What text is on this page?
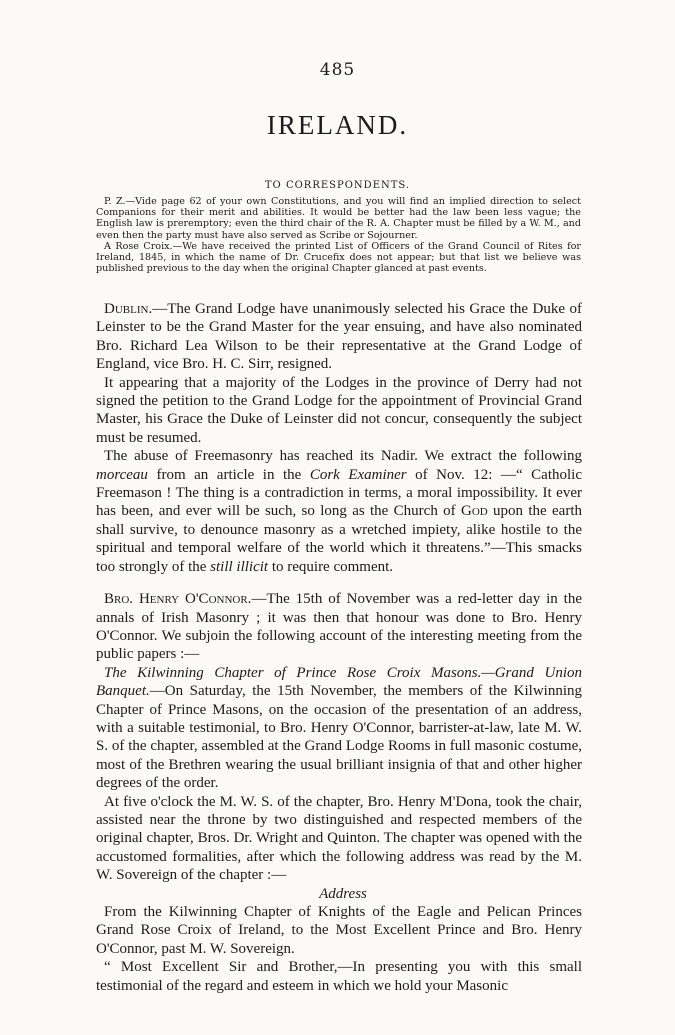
485
IRELAND.
TO CORRESPONDENTS.

P. Z.—Vide page 62 of your own Constitutions, and you will find an implied direction to select Companions for their merit and abilities. It would be better had the law been less vague; the English law is preremptory; even the third chair of the R. A. Chapter must be filled by a W. M., and even then the party must have also served as Scribe or Sojourner.

A Rose Croix.—We have received the printed List of Officers of the Grand Council of Rites for Ireland, 1845, in which the name of Dr. Crucefix does not appear; but that list we believe was published previous to the day when the original Chapter glanced at past events.

Dublin.—The Grand Lodge have unanimously selected his Grace the Duke of Leinster to be the Grand Master for the year ensuing, and have also nominated Bro. Richard Lea Wilson to be their representative at the Grand Lodge of England, vice Bro. H. C. Sirr, resigned.

It appearing that a majority of the Lodges in the province of Derry had not signed the petition to the Grand Lodge for the appointment of Provincial Grand Master, his Grace the Duke of Leinster did not concur, consequently the subject must be resumed.

The abuse of Freemasonry has reached its Nadir. We extract the following morceau from an article in the Cork Examiner of Nov. 12: —“ Catholic Freemason ! The thing is a contradiction in terms, a moral impossibility. It ever has been, and ever will be such, so long as the Church of God upon the earth shall survive, to denounce masonry as a wretched impiety, alike hostile to the spiritual and temporal welfare of the world which it threatens.”—This smacks too strongly of the still illicit to require comment.

Bro. Henry O'Connor.—The 15th of November was a red-letter day in the annals of Irish Masonry ; it was then that honour was done to Bro. Henry O'Connor. We subjoin the following account of the interesting meeting from the public papers :—

The Kilwinning Chapter of Prince Rose Croix Masons.—Grand Union Banquet.—On Saturday, the 15th November, the members of the Kilwinning Chapter of Prince Masons, on the occasion of the presentation of an address, with a suitable testimonial, to Bro. Henry O'Connor, barrister-at-law, late M. W. S. of the chapter, assembled at the Grand Lodge Rooms in full masonic costume, most of the Brethren wearing the usual brilliant insignia of that and other higher degrees of the order.

At five o'clock the M. W. S. of the chapter, Bro. Henry M'Dona, took the chair, assisted near the throne by two distinguished and respected members of the original chapter, Bros. Dr. Wright and Quinton. The chapter was opened with the accustomed formalities, after which the following address was read by the M. W. Sovereign of the chapter :—

Address

From the Kilwinning Chapter of Knights of the Eagle and Pelican Princes Grand Rose Croix of Ireland, to the Most Excellent Prince and Bro. Henry O'Connor, past M. W. Sovereign.

“ Most Excellent Sir and Brother,—In presenting you with this small testimonial of the regard and esteem in which we hold your Masonic
